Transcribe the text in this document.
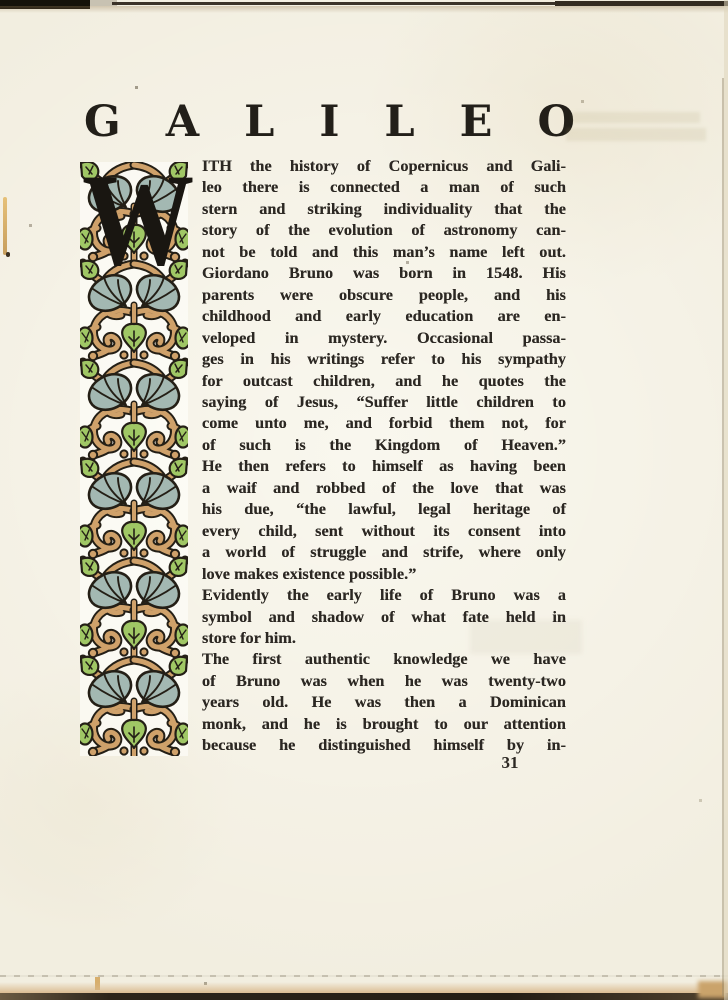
GALILEO
W ITH the history of Copernicus and Gali-
leo there is connected a man of such
stern and striking individuality that the
story of the evolution of astronomy can-
not be told and this man’s name left out.
Giordano Bruno was born in 1548. His
parents were obscure people, and his
childhood and early education are en-
veloped in mystery. Occasional passa-
ges in his writings refer to his sympathy
for outcast children, and he quotes the
saying of Jesus, “Suffer little children to
come unto me, and forbid them not, for
of such is the Kingdom of Heaven.”
He then refers to himself as having been
a waif and robbed of the love that was
his due, “the lawful, legal heritage of
every child, sent without its consent into
a world of struggle and strife, where only
love makes existence possible.”
Evidently the early life of Bruno was a
symbol and shadow of what fate held in
store for him.
The first authentic knowledge we have
of Bruno was when he was twenty-two
years old. He was then a Dominican
monk, and he is brought to our attention
because he distinguished himself by in-
31
